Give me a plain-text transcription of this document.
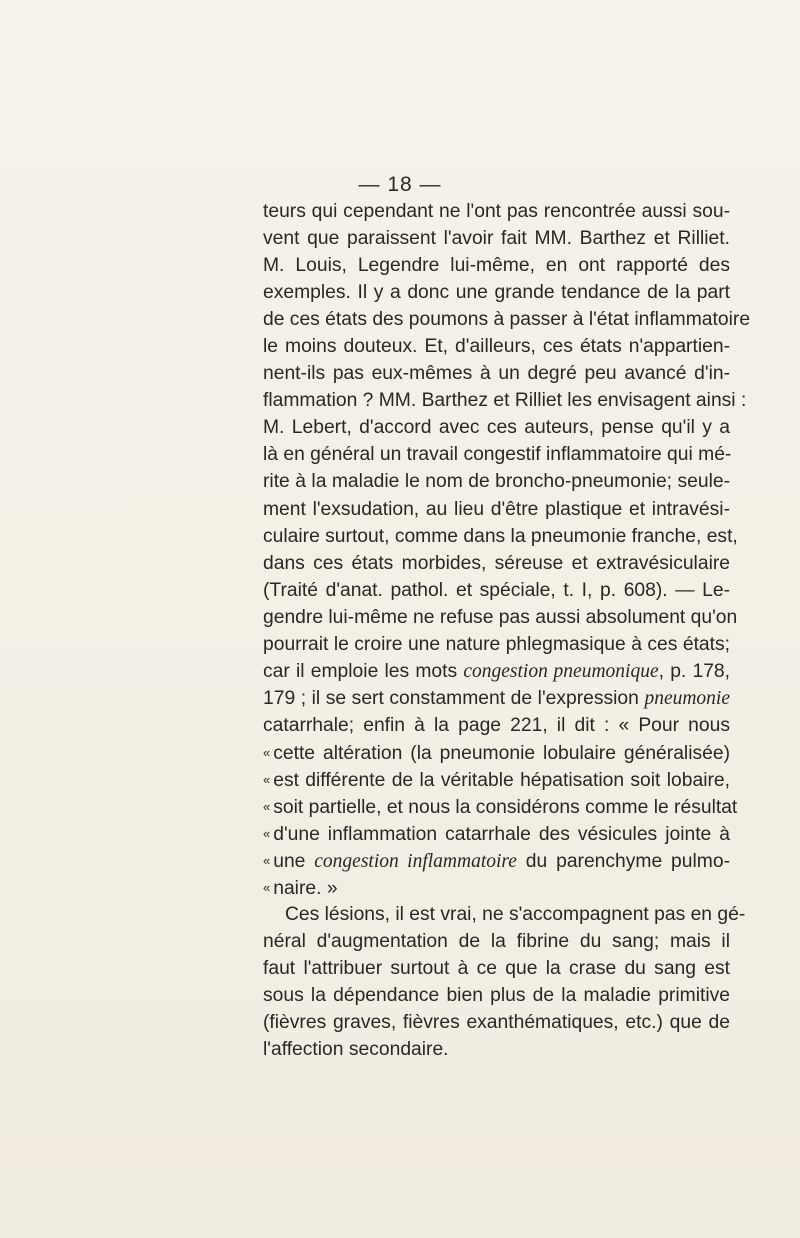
— 18 —
teurs qui cependant ne l'ont pas rencontrée aussi sou-
vent que paraissent l'avoir fait MM. Barthez et Rilliet.
M. Louis, Legendre lui-même, en ont rapporté des
exemples. Il y a donc une grande tendance de la part
de ces états des poumons à passer à l'état inflammatoire
le moins douteux. Et, d'ailleurs, ces états n'appartien-
nent-ils pas eux-mêmes à un degré peu avancé d'in-
flammation ? MM. Barthez et Rilliet les envisagent ainsi :
M. Lebert, d'accord avec ces auteurs, pense qu'il y a
là en général un travail congestif inflammatoire qui mé-
rite à la maladie le nom de broncho-pneumonie; seule-
ment l'exsudation, au lieu d'être plastique et intravési-
culaire surtout, comme dans la pneumonie franche, est,
dans ces états morbides, séreuse et extravésiculaire
(Traité d'anat. pathol. et spéciale, t. I, p. 608). — Le-
gendre lui-même ne refuse pas aussi absolument qu'on
pourrait le croire une nature phlegmasique à ces états;
car il emploie les mots congestion pneumonique, p. 178,
179 ; il se sert constamment de l'expression pneumonie
catarrhale; enfin à la page 221, il dit : « Pour nous
« cette altération (la pneumonie lobulaire généralisée)
« est différente de la véritable hépatisation soit lobaire,
« soit partielle, et nous la considérons comme le résultat
« d'une inflammation catarrhale des vésicules jointe à
« une congestion inflammatoire du parenchyme pulmo-
« naire. »
Ces lésions, il est vrai, ne s'accompagnent pas en gé-
néral d'augmentation de la fibrine du sang; mais il
faut l'attribuer surtout à ce que la crase du sang est
sous la dépendance bien plus de la maladie primitive
(fièvres graves, fièvres exanthématiques, etc.) que de
l'affection secondaire.
